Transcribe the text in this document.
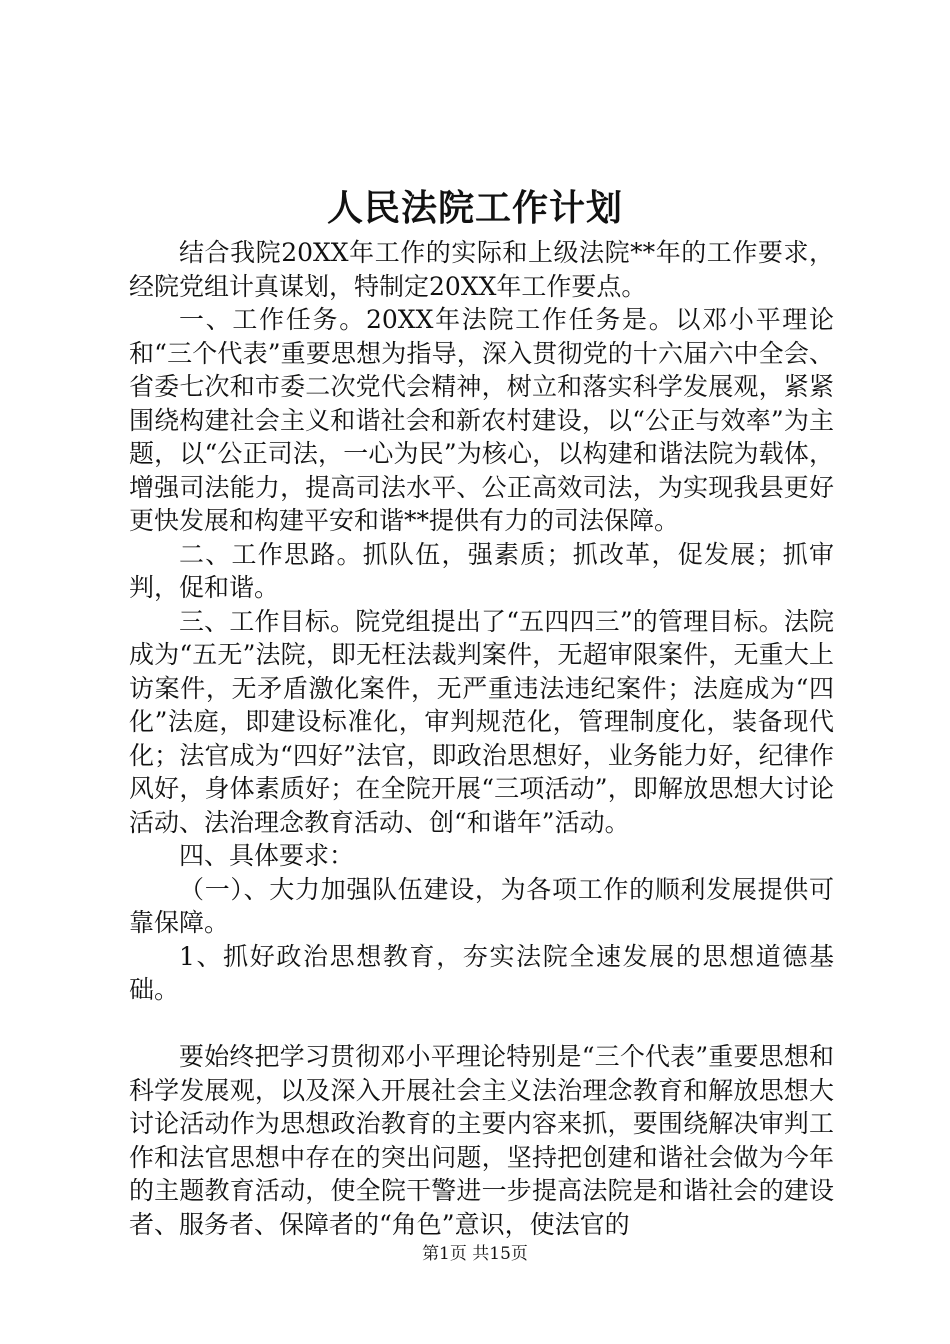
人民法院工作计划

结合我院20XX年工作的实际和上级法院**年的工作要求，经院党组计真谋划，特制定20XX年工作要点。

一、工作任务。20XX年法院工作任务是。以邓小平理论和“三个代表”重要思想为指导，深入贯彻党的十六届六中全会、省委七次和市委二次党代会精神，树立和落实科学发展观，紧紧围绕构建社会主义和谐社会和新农村建设，以“公正与效率”为主题，以“公正司法，一心为民”为核心，以构建和谐法院为载体，增强司法能力，提高司法水平、公正高效司法，为实现我县更好更快发展和构建平安和谐**提供有力的司法保障。

二、工作思路。抓队伍，强素质；抓改革，促发展；抓审判，促和谐。

三、工作目标。院党组提出了“五四四三”的管理目标。法院成为“五无”法院，即无枉法裁判案件，无超审限案件，无重大上访案件，无矛盾激化案件，无严重违法违纪案件；法庭成为“四化”法庭，即建设标准化，审判规范化，管理制度化，装备现代化；法官成为“四好”法官，即政治思想好，业务能力好，纪律作风好，身体素质好；在全院开展“三项活动”，即解放思想大讨论活动、法治理念教育活动、创“和谐年”活动。

四、具体要求：

（一）、大力加强队伍建设，为各项工作的顺利发展提供可靠保障。

1、抓好政治思想教育，夯实法院全速发展的思想道德基础。

要始终把学习贯彻邓小平理论特别是“三个代表”重要思想和科学发展观，以及深入开展社会主义法治理念教育和解放思想大讨论活动作为思想政治教育的主要内容来抓，要围绕解决审判工作和法官思想中存在的突出问题，坚持把创建和谐社会做为今年的主题教育活动，使全院干警进一步提高法院是和谐社会的建设者、服务者、保障者的“角色”意识，使法官的

第1页 共15页
